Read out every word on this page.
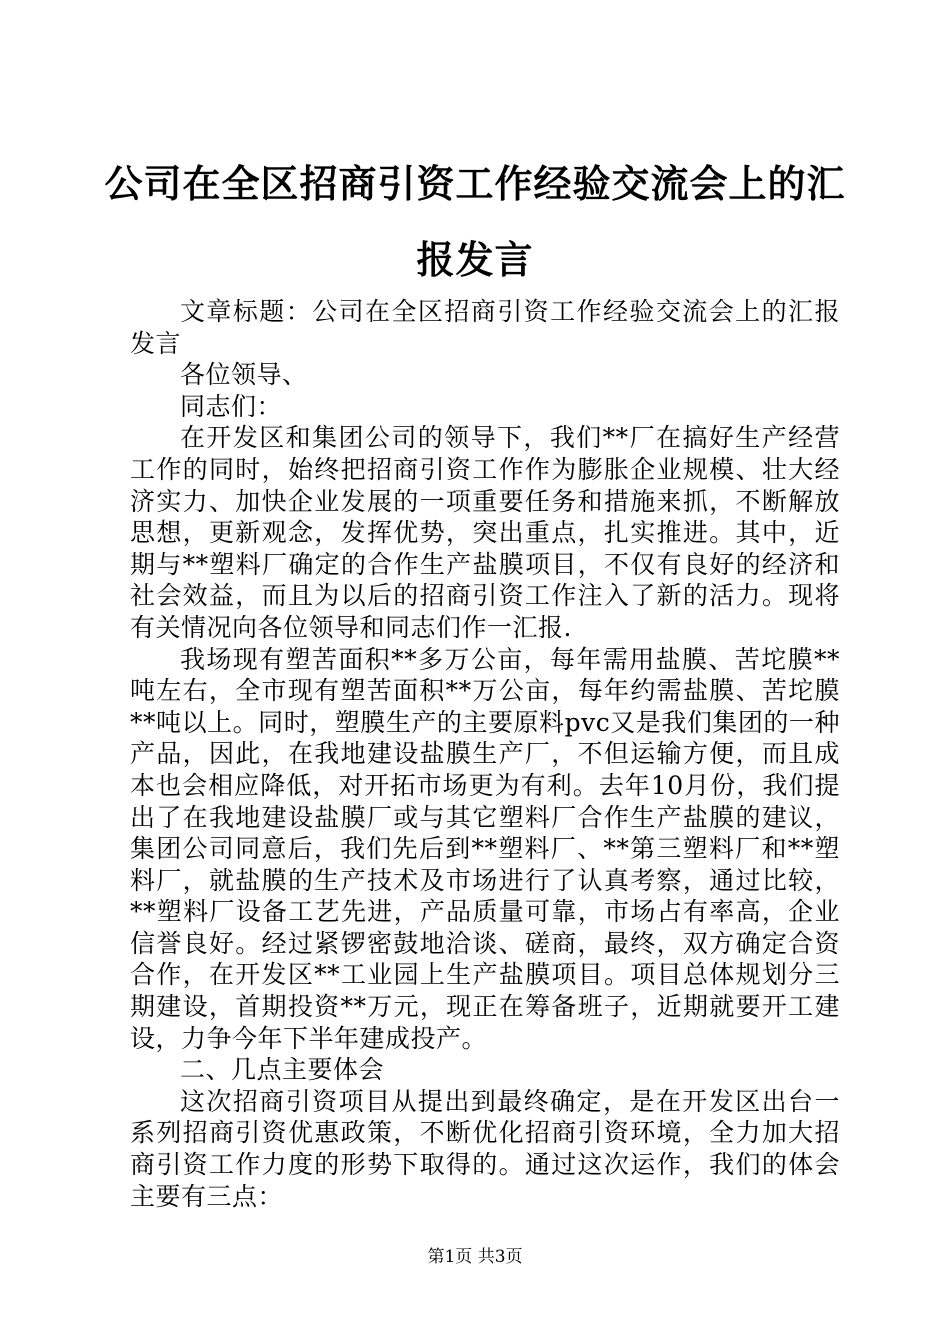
公司在全区招商引资工作经验交流会上的汇报发言

文章标题：公司在全区招商引资工作经验交流会上的汇报发言

各位领导、

同志们：

在开发区和集团公司的领导下，我们**厂在搞好生产经营工作的同时，始终把招商引资工作作为膨胀企业规模、壮大经济实力、加快企业发展的一项重要任务和措施来抓，不断解放思想，更新观念，发挥优势，突出重点，扎实推进。其中，近期与**塑料厂确定的合作生产盐膜项目，不仅有良好的经济和社会效益，而且为以后的招商引资工作注入了新的活力。现将有关情况向各位领导和同志们作一汇报.

我场现有塑苦面积**多万公亩，每年需用盐膜、苦坨膜**吨左右，全市现有塑苦面积**万公亩，每年约需盐膜、苦坨膜**吨以上。同时，塑膜生产的主要原料pvc又是我们集团的一种产品，因此，在我地建设盐膜生产厂，不但运输方便，而且成本也会相应降低，对开拓市场更为有利。去年10月份，我们提出了在我地建设盐膜厂或与其它塑料厂合作生产盐膜的建议，集团公司同意后，我们先后到**塑料厂、**第三塑料厂和**塑料厂，就盐膜的生产技术及市场进行了认真考察，通过比较，**塑料厂设备工艺先进，产品质量可靠，市场占有率高，企业信誉良好。经过紧锣密鼓地洽谈、磋商，最终，双方确定合资合作，在开发区**工业园上生产盐膜项目。项目总体规划分三期建设，首期投资**万元，现正在筹备班子，近期就要开工建设，力争今年下半年建成投产。

二、几点主要体会

这次招商引资项目从提出到最终确定，是在开发区出台一系列招商引资优惠政策，不断优化招商引资环境，全力加大招商引资工作力度的形势下取得的。通过这次运作，我们的体会主要有三点：

第1页 共3页
